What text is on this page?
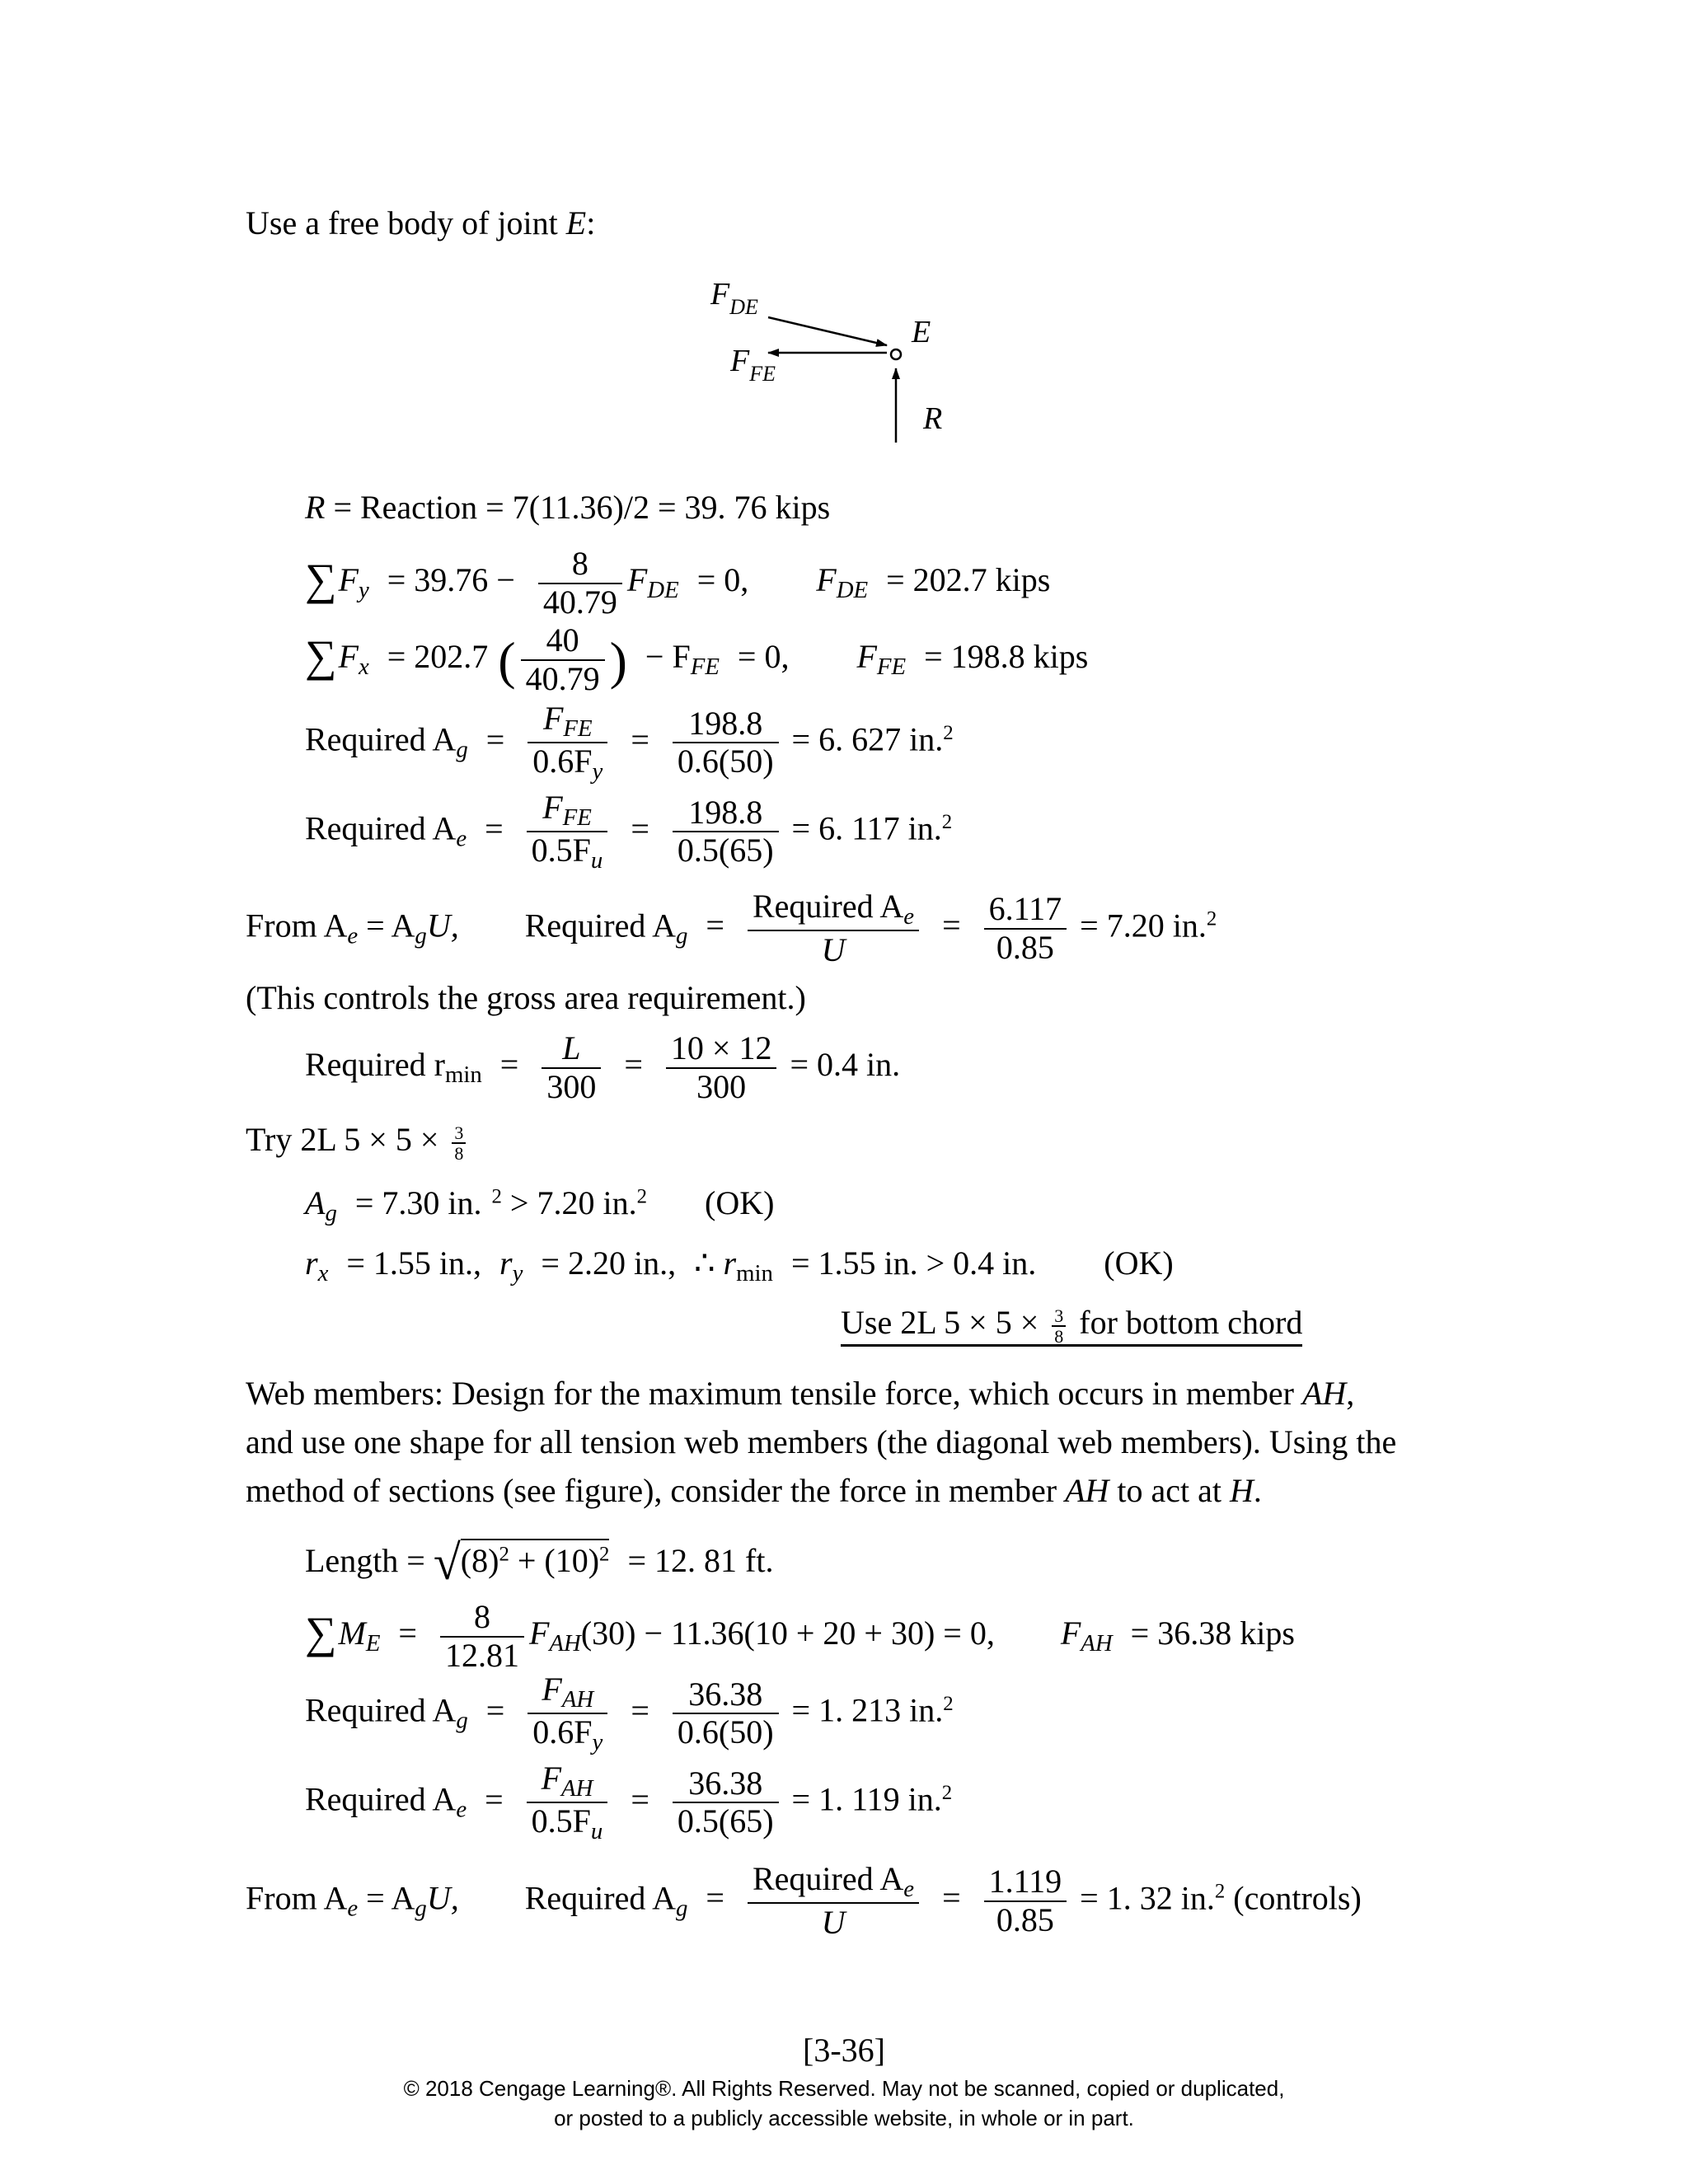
Use a free body of joint E:
$F_{DE}$
$F_{FE}$
E
R
R = Reaction = 7(11.36)/2 = 39. 76 kips
$\sum F_y = 39.76 - \frac{8}{40.79} F_{DE} = 0$, $F_{DE} = 202.7$ kips
$\sum F_x = 202.7$ ( $\frac{40}{40.79}$ ) − $F_{FE} = 0$, $F_{FE} = 198.8$ kips
Required $A_g = \frac{F_{FE}}{0.6F_y} = \frac{198.8}{0.6(50)} = 6$. 627 in.$^2$
Required $A_e = \frac{F_{FE}}{0.5F_u} = \frac{198.8}{0.5(65)} = 6$. 117 in.$^2$
From $A_e = A_gU$, Required $A_g = \frac{Required A_e}{U} = \frac{6.117}{0.85} = 7.20$ in.$^2$
(This controls the gross area requirement.)
Required $r_{min} = \frac{L}{300} = \frac{10 \times 12}{300} = 0.4$ in.
Try 2L $5 \times 5 \times \frac{3}{8}$
$A_g = 7.30$ in. $^2$ > 7.20 in.$^2$ (OK)
$r_x = 1.55$ in., $r_y = 2.20$ in., ∴ $r_{min} = 1.55$ in. > 0.4 in. (OK)
Use 2L $5 \times 5 \times \frac{3}{8}$ for bottom chord
Web members: Design for the maximum tensile force, which occurs in member AH,
and use one shape for all tension web members (the diagonal web members). Using the
method of sections (see figure), consider the force in member AH to act at H.
Length = $√(8)^2 + (10)^2 = 12$. 81 ft.
$\sum M_E = \frac{8}{12.81} F_{AH}(30) - 11.36(10 + 20 + 30) = 0$, $F_{AH} = 36.38$ kips
Required $A_g = \frac{F_{AH}}{0.6F_y} = \frac{36.38}{0.6(50)} = 1$. 213 in.$^2$
Required $A_e = \frac{F_{AH}}{0.5F_u} = \frac{36.38}{0.5(65)} = 1$. 119 in.$^2$
From $A_e = A_gU$, Required $A_g = \frac{Required A_e}{U} = \frac{1.119}{0.85} = 1$. 32 in.$^2$ (controls)
[3-36]
© 2018 Cengage Learning®. All Rights Reserved. May not be scanned, copied or duplicated,
or posted to a publicly accessible website, in whole or in part.
